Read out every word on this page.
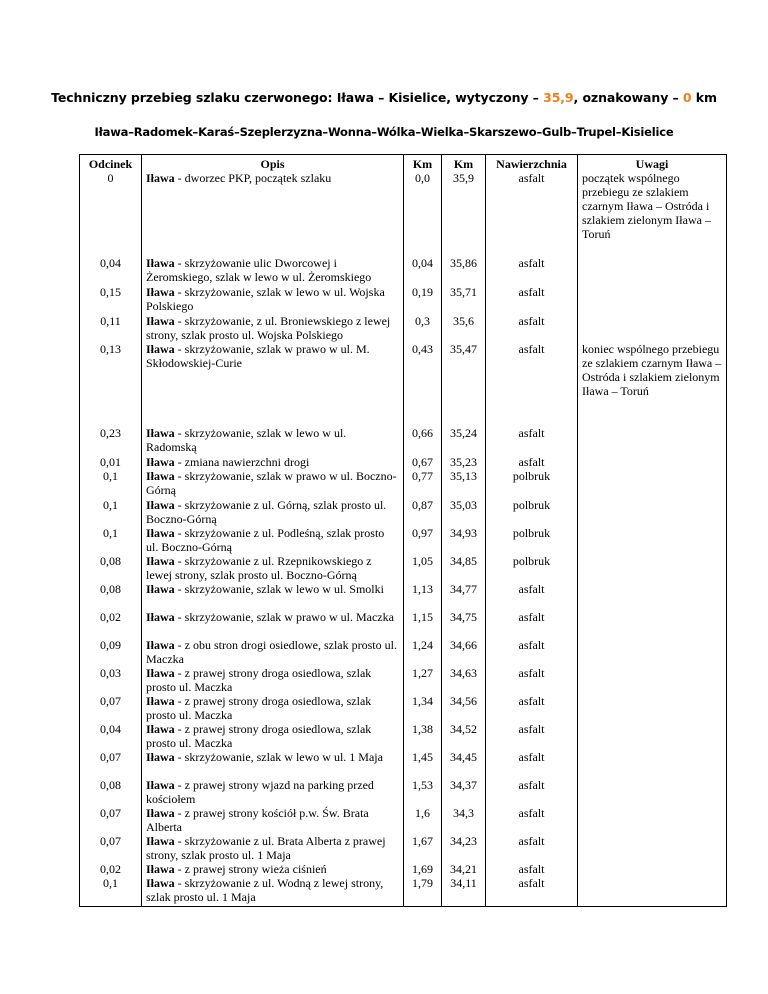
Techniczny przebieg szlaku czerwonego: Iława – Kisielice, wytyczony – 35,9, oznakowany – 0 km
Iława–Radomek–Karaś–Szeplerzyzna–Wonna–Wólka–Wielka–Skarszewo–Gulb–Trupel–Kisielice
Odcinek	Opis	Km	Km	Nawierzchnia	Uwagi
0	Iława - dworzec PKP, początek szlaku	0,0	35,9	asfalt	początek wspólnego przebiegu ze szlakiem czarnym Iława – Ostróda i szlakiem zielonym Iława – Toruń
0,04	Iława - skrzyżowanie ulic Dworcowej i Żeromskiego, szlak w lewo w ul. Żeromskiego	0,04	35,86	asfalt	
0,15	Iława - skrzyżowanie, szlak w lewo w ul. Wojska Polskiego	0,19	35,71	asfalt	
0,11	Iława - skrzyżowanie, z ul. Broniewskiego z lewej strony, szlak prosto ul. Wojska Polskiego	0,3	35,6	asfalt	
0,13	Iława - skrzyżowanie, szlak w prawo w ul. M. Skłodowskiej-Curie	0,43	35,47	asfalt	koniec wspólnego przebiegu ze szlakiem czarnym Iława – Ostróda i szlakiem zielonym Iława – Toruń
0,23	Iława - skrzyżowanie, szlak w lewo w ul. Radomską	0,66	35,24	asfalt	
0,01	Iława - zmiana nawierzchni drogi	0,67	35,23	asfalt	
0,1	Iława - skrzyżowanie, szlak w prawo w ul. Boczno-Górną	0,77	35,13	polbruk	
0,1	Iława - skrzyżowanie z ul. Górną, szlak prosto ul. Boczno-Górną	0,87	35,03	polbruk	
0,1	Iława - skrzyżowanie z ul. Podleśną, szlak prosto ul. Boczno-Górną	0,97	34,93	polbruk	
0,08	Iława - skrzyżowanie z ul. Rzepnikowskiego z lewej strony, szlak prosto ul. Boczno-Górną	1,05	34,85	polbruk	
0,08	Iława - skrzyżowanie, szlak w lewo w ul. Smolki	1,13	34,77	asfalt	
0,02	Iława - skrzyżowanie, szlak w prawo w ul. Maczka	1,15	34,75	asfalt	
0,09	Iława - z obu stron drogi osiedlowe, szlak prosto ul. Maczka	1,24	34,66	asfalt	
0,03	Iława - z prawej strony droga osiedlowa, szlak prosto ul. Maczka	1,27	34,63	asfalt	
0,07	Iława - z prawej strony droga osiedlowa, szlak prosto ul. Maczka	1,34	34,56	asfalt	
0,04	Iława - z prawej strony droga osiedlowa, szlak prosto ul. Maczka	1,38	34,52	asfalt	
0,07	Iława - skrzyżowanie, szlak w lewo w ul. 1 Maja	1,45	34,45	asfalt	
0,08	Iława - z prawej strony wjazd na parking przed kościołem	1,53	34,37	asfalt	
0,07	Iława - z prawej strony kościół p.w. Św. Brata Alberta	1,6	34,3	asfalt	
0,07	Iława - skrzyżowanie z ul. Brata Alberta z prawej strony, szlak prosto ul. 1 Maja	1,67	34,23	asfalt	
0,02	Iława - z prawej strony wieża ciśnień	1,69	34,21	asfalt	
0,1	Iława - skrzyżowanie z ul. Wodną z lewej strony, szlak prosto ul. 1 Maja	1,79	34,11	asfalt	
